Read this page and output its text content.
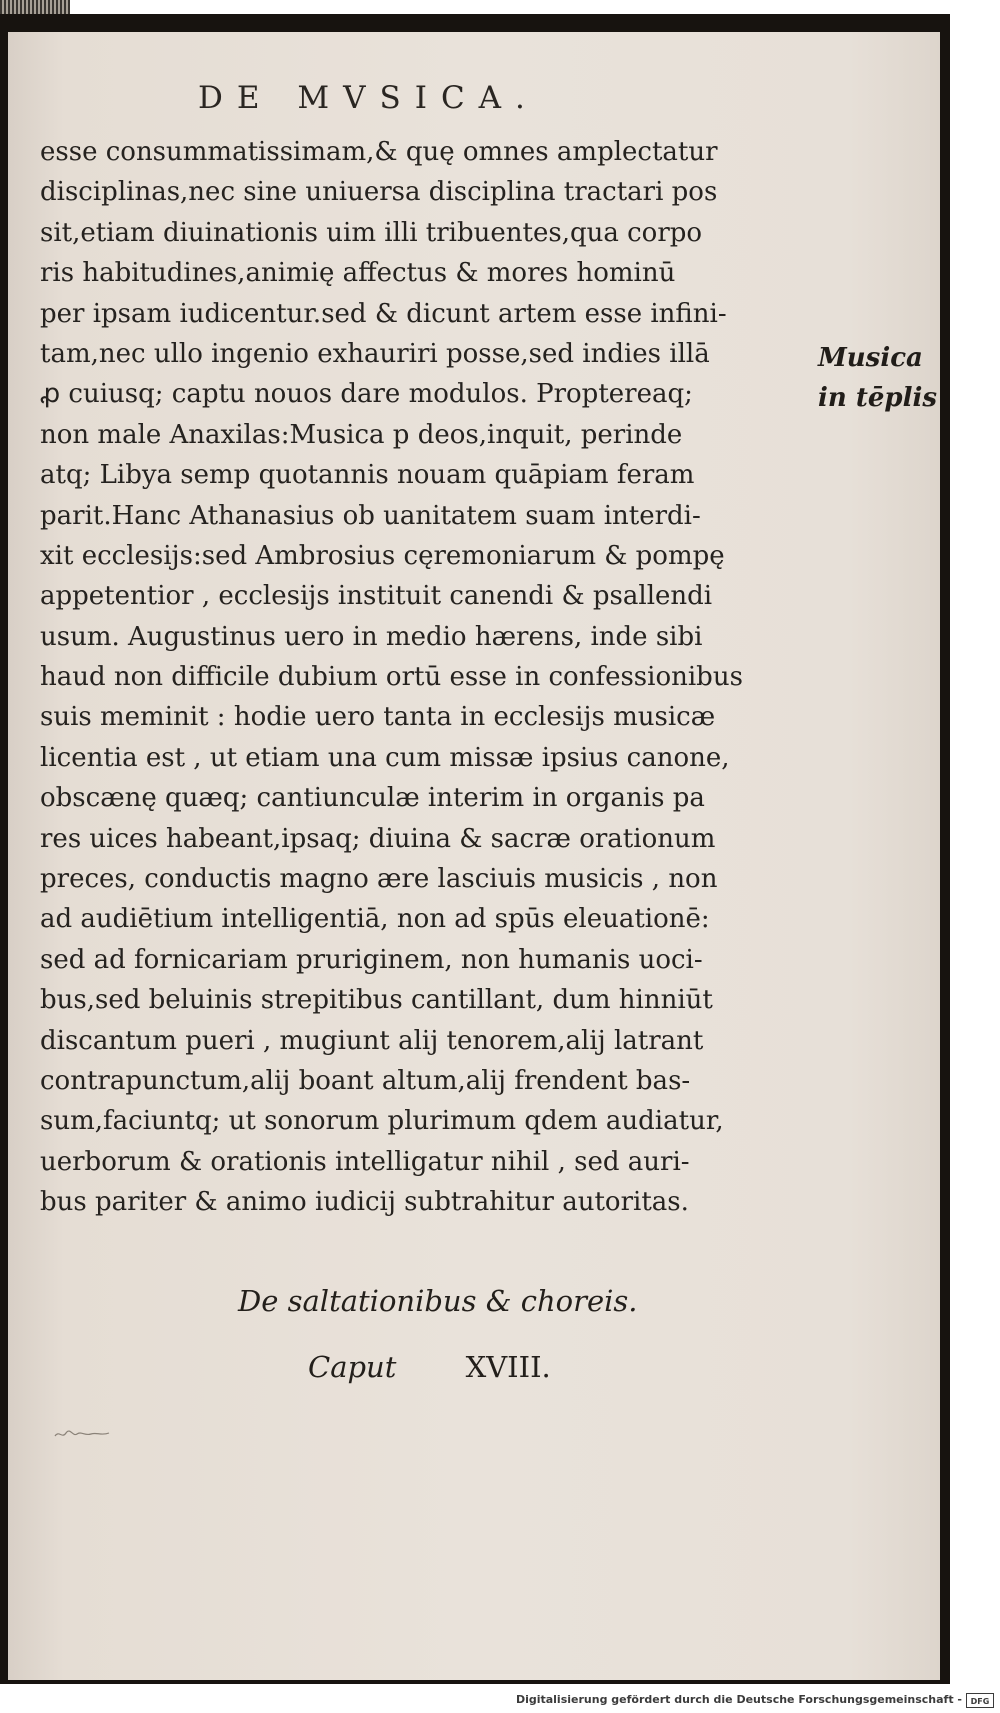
DE MVSICA.
esse consummatissimam,& quę omnes amplectatur
disciplinas,nec sine uniuersa disciplina tractari pos
sit,etiam diuinationis uim illi tribuentes,qua corpo
ris habitudines,animię affectus & mores hominū
per ipsam iudicentur.sed & dicunt artem esse infini-
tam,nec ullo ingenio exhauriri posse,sed indies illā
ꝓ cuiusq; captu nouos dare modulos. Proptereaq;
non male Anaxilas:Musica p deos,inquit, perinde
atq; Libya semp quotannis nouam quāpiam feram
parit.Hanc Athanasius ob uanitatem suam interdi-
xit ecclesijs:sed Ambrosius cęremoniarum & pompę
appetentior , ecclesijs instituit canendi & psallendi
usum. Augustinus uero in medio hærens, inde sibi
haud non difficile dubium ortū esse in confessionibus
suis meminit : hodie uero tanta in ecclesijs musicæ
licentia est , ut etiam una cum missæ ipsius canone,
obscænę quæq; cantiunculæ interim in organis pa
res uices habeant,ipsaq; diuina & sacræ orationum
preces, conductis magno ære lasciuis musicis , non
ad audiētium intelligentiā, non ad spūs eleuationē:
sed ad fornicariam pruriginem, non humanis uoci-
bus,sed beluinis strepitibus cantillant, dum hinniūt
discantum pueri , mugiunt alij tenorem,alij latrant
contrapunctum,alij boant altum,alij frendent bas-
sum,faciuntq; ut sonorum plurimum qdem audiatur,
uerborum & orationis intelligatur nihil , sed auri-
bus pariter & animo iudicij subtrahitur autoritas.
Musica
in tēplis
De saltationibus & choreis.
Caput XVIII.
Digitalisierung gefördert durch die Deutsche Forschungsgemeinschaft -	DFG
